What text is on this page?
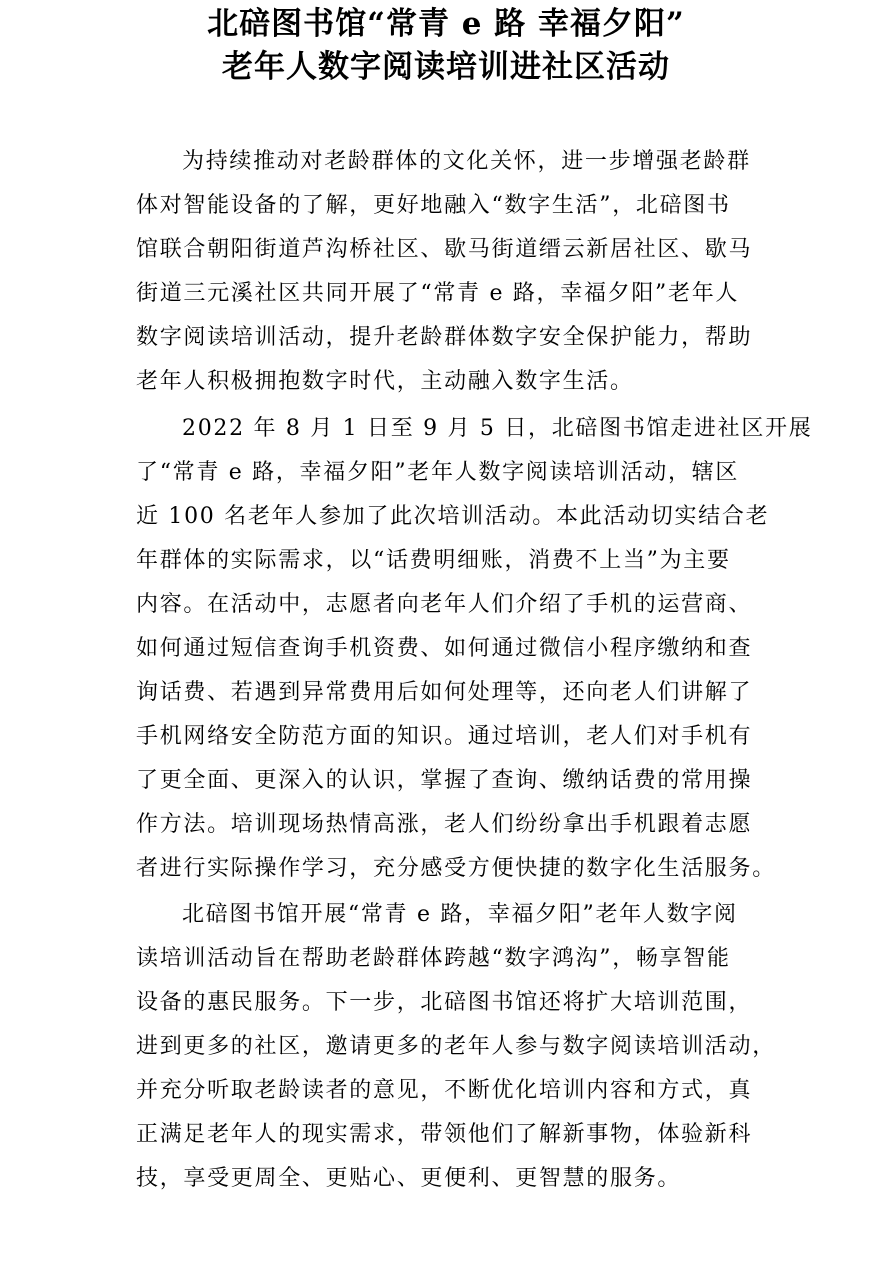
北碚图书馆“常青 e 路 幸福夕阳”
老年人数字阅读培训进社区活动
为持续推动对老龄群体的文化关怀，进一步增强老龄群
体对智能设备的了解，更好地融入“数字生活”，北碚图书
馆联合朝阳街道芦沟桥社区、歇马街道缙云新居社区、歇马
街道三元溪社区共同开展了“常青 e 路，幸福夕阳”老年人
数字阅读培训活动，提升老龄群体数字安全保护能力，帮助
老年人积极拥抱数字时代，主动融入数字生活。
2022 年 8 月 1 日至 9 月 5 日，北碚图书馆走进社区开展
了“常青 e 路，幸福夕阳”老年人数字阅读培训活动，辖区
近 100 名老年人参加了此次培训活动。本此活动切实结合老
年群体的实际需求，以“话费明细账，消费不上当”为主要
内容。在活动中，志愿者向老年人们介绍了手机的运营商、
如何通过短信查询手机资费、如何通过微信小程序缴纳和查
询话费、若遇到异常费用后如何处理等，还向老人们讲解了
手机网络安全防范方面的知识。通过培训，老人们对手机有
了更全面、更深入的认识，掌握了查询、缴纳话费的常用操
作方法。培训现场热情高涨，老人们纷纷拿出手机跟着志愿
者进行实际操作学习，充分感受方便快捷的数字化生活服务。
北碚图书馆开展“常青 e 路，幸福夕阳”老年人数字阅
读培训活动旨在帮助老龄群体跨越“数字鸿沟”，畅享智能
设备的惠民服务。下一步，北碚图书馆还将扩大培训范围，
进到更多的社区，邀请更多的老年人参与数字阅读培训活动，
并充分听取老龄读者的意见，不断优化培训内容和方式，真
正满足老年人的现实需求，带领他们了解新事物，体验新科
技，享受更周全、更贴心、更便利、更智慧的服务。
